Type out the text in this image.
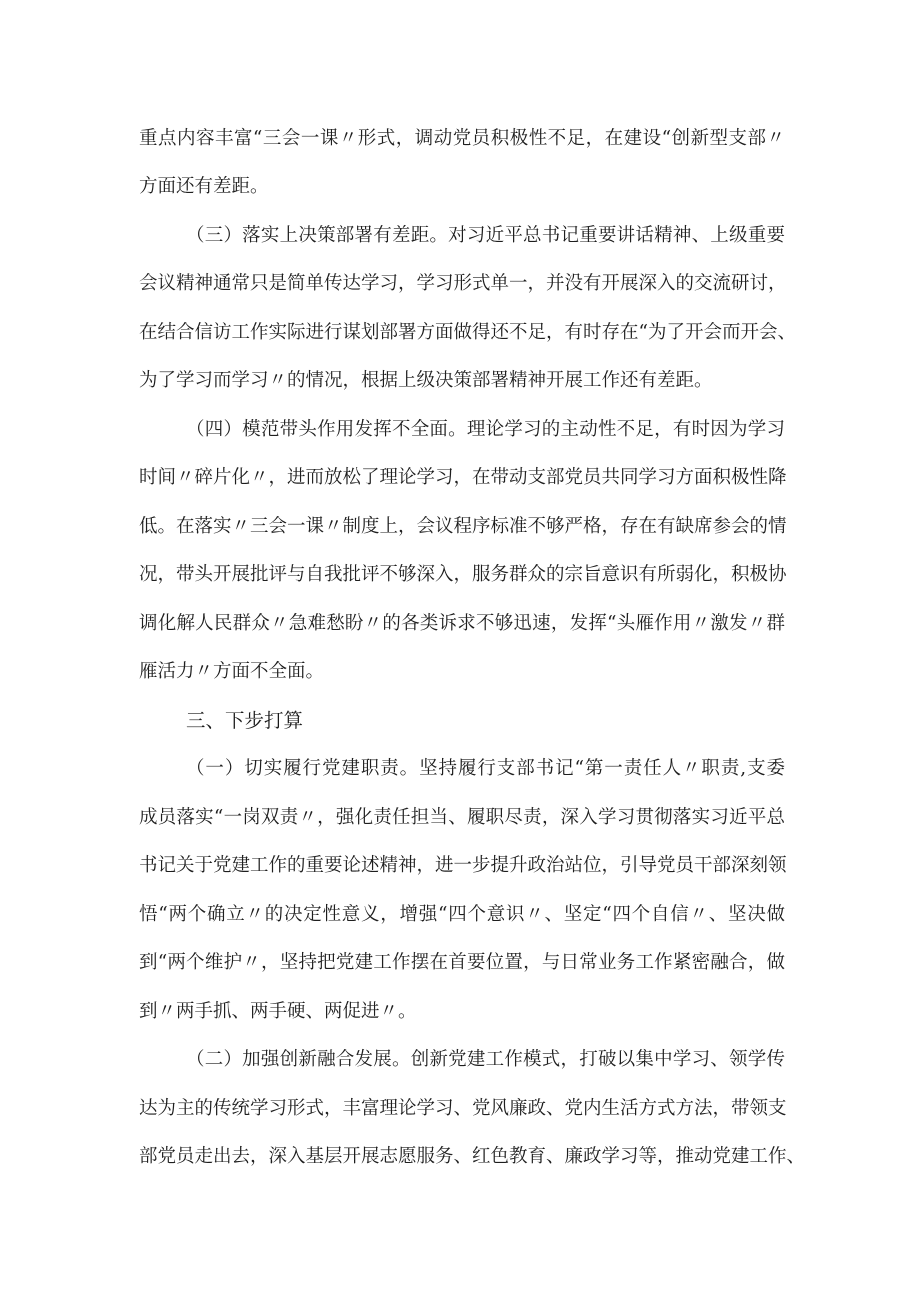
重点内容丰富“三会一课〃形式，调动党员积极性不足，在建设“创新型支部〃
方面还有差距。
（三）落实上决策部署有差距。对习近平总书记重要讲话精神、上级重要
会议精神通常只是简单传达学习，学习形式单一，并没有开展深入的交流研讨，
在结合信访工作实际进行谋划部署方面做得还不足，有时存在“为了开会而开会、
为了学习而学习〃的情况，根据上级决策部署精神开展工作还有差距。
（四）模范带头作用发挥不全面。理论学习的主动性不足，有时因为学习
时间〃碎片化〃，进而放松了理论学习，在带动支部党员共同学习方面积极性降
低。在落实〃三会一课〃制度上，会议程序标准不够严格，存在有缺席参会的情
况，带头开展批评与自我批评不够深入，服务群众的宗旨意识有所弱化，积极协
调化解人民群众〃急难愁盼〃的各类诉求不够迅速，发挥“头雁作用〃激发〃群
雁活力〃方面不全面。
三、下步打算
（一）切实履行党建职责。坚持履行支部书记“第一责任人〃职责,支委
成员落实“一岗双责〃，强化责任担当、履职尽责，深入学习贯彻落实习近平总
书记关于党建工作的重要论述精神，进一步提升政治站位，引导党员干部深刻领
悟“两个确立〃的决定性意义，增强“四个意识〃、坚定“四个自信〃、坚决做
到“两个维护〃，坚持把党建工作摆在首要位置，与日常业务工作紧密融合，做
到〃两手抓、两手硬、两促进〃。
（二）加强创新融合发展。创新党建工作模式，打破以集中学习、领学传
达为主的传统学习形式，丰富理论学习、党风廉政、党内生活方式方法，带领支
部党员走出去，深入基层开展志愿服务、红色教育、廉政学习等，推动党建工作、
